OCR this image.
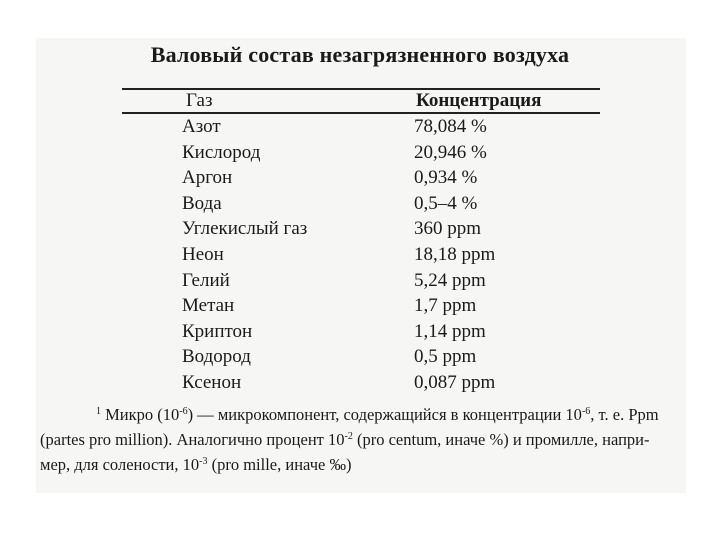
Валовый состав незагрязненного воздуха
Газ	Концентрация
Азот	78,084 %
Кислород	20,946 %
Аргон	0,934 %
Вода	0,5–4 %
Углекислый газ	360 ppm
Неон	18,18 ppm
Гелий	5,24 ppm
Метан	1,7 ppm
Криптон	1,14 ppm
Водород	0,5 ppm
Ксенон	0,087 ppm

$^1$ Микро $(10^{-6})$ — микрокомпонент, содержащийся в концентрации $10^{-6}$, т. е. Ppm

(partes pro million). Аналогично процент $10^{-2}$ (pro centum, иначе %) и промилле, напри-

мер, для солености, $10^{-3}$ (pro mille, иначе ‰)
